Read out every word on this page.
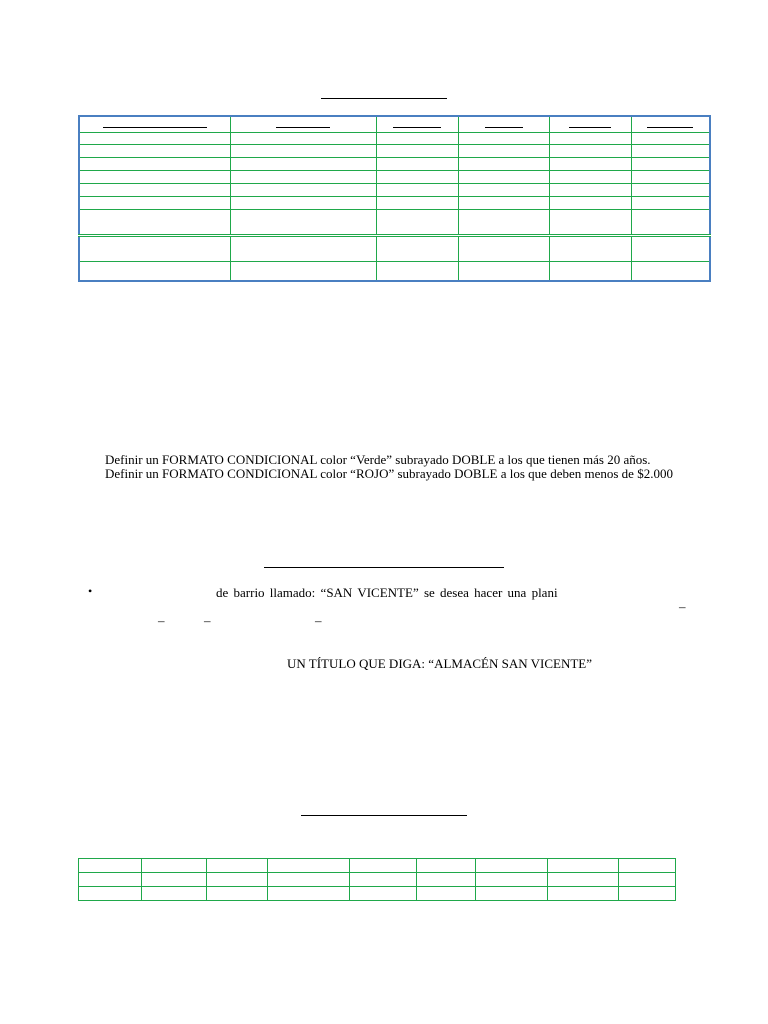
Definir un FORMATO CONDICIONAL color “Verde” subrayado DOBLE a los que tienen más 20 años.
Definir un FORMATO CONDICIONAL color “ROJO” subrayado DOBLE a los que deben menos de $2.000
•	de barrio llamado: “SAN VICENTE” se desea hacer una plani
–
–	–	–
UN TÍTULO QUE DIGA: “ALMACÉN SAN VICENTE”
